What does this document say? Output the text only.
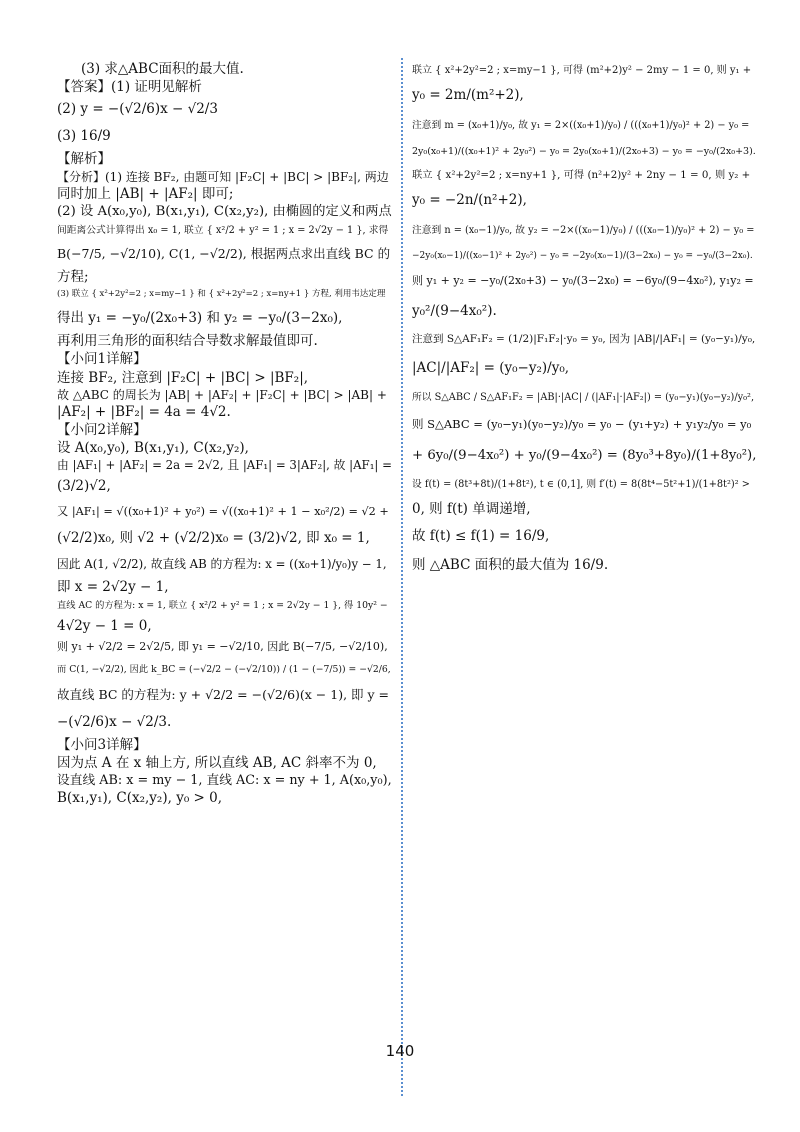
(3) 求△ABC面积的最大值.
【答案】(1) 证明见解析
(2) y = −(√2/6)x − √2/3
(3) 16/9
【解析】
【分析】(1) 连接 BF₂, 由题可知 |F₂C| + |BC| > |BF₂|, 两边
同时加上 |AB| + |AF₂| 即可;
(2) 设 A(x₀,y₀), B(x₁,y₁), C(x₂,y₂), 由椭圆的定义和两点
间距离公式计算得出 x₀ = 1, 联立 { x²/2 + y² = 1 ; x = 2√2y − 1 }, 求得
B(−7/5, −√2/10), C(1, −√2/2), 根据两点求出直线 BC 的
方程;
(3) 联立 { x²+2y²=2 ; x=my−1 } 和 { x²+2y²=2 ; x=ny+1 } 方程, 利用韦达定理
得出 y₁ = −y₀/(2x₀+3) 和 y₂ = −y₀/(3−2x₀),
再利用三角形的面积结合导数求解最值即可.
【小问1详解】
连接 BF₂, 注意到 |F₂C| + |BC| > |BF₂|,
故 △ABC 的周长为 |AB| + |AF₂| + |F₂C| + |BC| > |AB| +
|AF₂| + |BF₂| = 4a = 4√2.
【小问2详解】
设 A(x₀,y₀), B(x₁,y₁), C(x₂,y₂),
由 |AF₁| + |AF₂| = 2a = 2√2, 且 |AF₁| = 3|AF₂|, 故 |AF₁| =
(3/2)√2,
又 |AF₁| = √((x₀+1)² + y₀²) = √((x₀+1)² + 1 − x₀²/2) = √2 +
(√2/2)x₀, 则 √2 + (√2/2)x₀ = (3/2)√2, 即 x₀ = 1,
因此 A(1, √2/2), 故直线 AB 的方程为: x = ((x₀+1)/y₀)y − 1,
即 x = 2√2y − 1,
直线 AC 的方程为: x = 1, 联立 { x²/2 + y² = 1 ; x = 2√2y − 1 }, 得 10y² −
4√2y − 1 = 0,
则 y₁ + √2/2 = 2√2/5, 即 y₁ = −√2/10, 因此 B(−7/5, −√2/10),
而 C(1, −√2/2), 因此 k_BC = (−√2/2 − (−√2/10)) / (1 − (−7/5)) = −√2/6,
故直线 BC 的方程为: y + √2/2 = −(√2/6)(x − 1), 即 y =
−(√2/6)x − √2/3.
【小问3详解】
因为点 A 在 x 轴上方, 所以直线 AB, AC 斜率不为 0,
设直线 AB: x = my − 1, 直线 AC: x = ny + 1, A(x₀,y₀),
B(x₁,y₁), C(x₂,y₂), y₀ > 0,
联立 { x²+2y²=2 ; x=my−1 }, 可得 (m²+2)y² − 2my − 1 = 0, 则 y₁ +
y₀ = 2m/(m²+2),
注意到 m = (x₀+1)/y₀, 故 y₁ = 2×((x₀+1)/y₀) / (((x₀+1)/y₀)² + 2) − y₀ =
2y₀(x₀+1)/((x₀+1)² + 2y₀²) − y₀ = 2y₀(x₀+1)/(2x₀+3) − y₀ = −y₀/(2x₀+3).
联立 { x²+2y²=2 ; x=ny+1 }, 可得 (n²+2)y² + 2ny − 1 = 0, 则 y₂ +
y₀ = −2n/(n²+2),
注意到 n = (x₀−1)/y₀, 故 y₂ = −2×((x₀−1)/y₀) / (((x₀−1)/y₀)² + 2) − y₀ =
−2y₀(x₀−1)/((x₀−1)² + 2y₀²) − y₀ = −2y₀(x₀−1)/(3−2x₀) − y₀ = −y₀/(3−2x₀).
则 y₁ + y₂ = −y₀/(2x₀+3) − y₀/(3−2x₀) = −6y₀/(9−4x₀²), y₁y₂ =
y₀²/(9−4x₀²).
注意到 S△AF₁F₂ = (1/2)|F₁F₂|·y₀ = y₀, 因为 |AB|/|AF₁| = (y₀−y₁)/y₀,
|AC|/|AF₂| = (y₀−y₂)/y₀,
所以 S△ABC / S△AF₁F₂ = |AB|·|AC| / (|AF₁|·|AF₂|) = (y₀−y₁)(y₀−y₂)/y₀²,
则 S△ABC = (y₀−y₁)(y₀−y₂)/y₀ = y₀ − (y₁+y₂) + y₁y₂/y₀ = y₀
+ 6y₀/(9−4x₀²) + y₀/(9−4x₀²) = (8y₀³+8y₀)/(1+8y₀²),
设 f(t) = (8t³+8t)/(1+8t²), t ∈ (0,1], 则 f′(t) = 8(8t⁴−5t²+1)/(1+8t²)² >
0, 则 f(t) 单调递增,
故 f(t) ≤ f(1) = 16/9,
则 △ABC 面积的最大值为 16/9.
140
